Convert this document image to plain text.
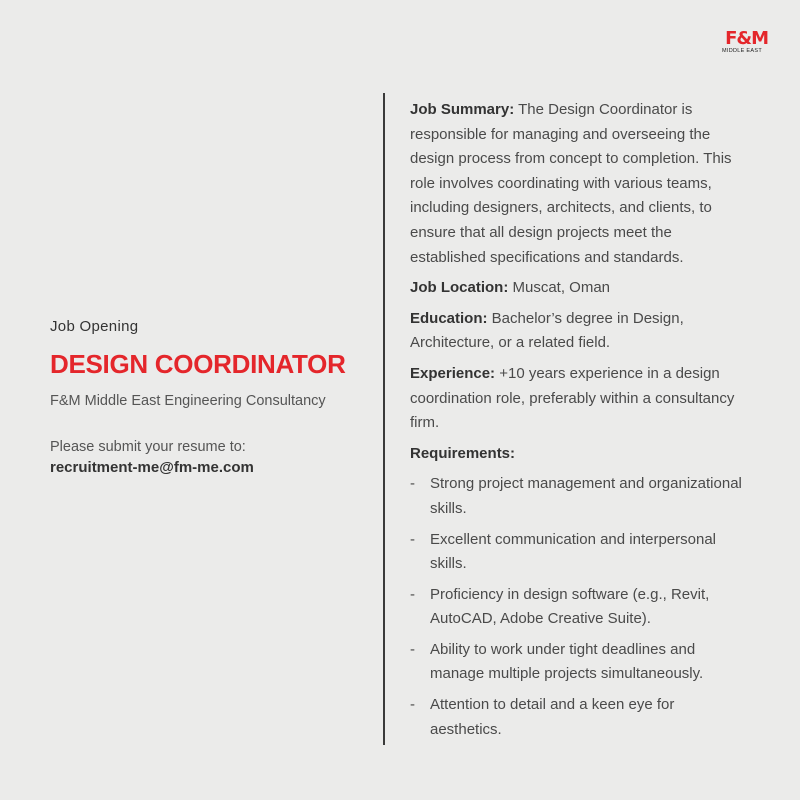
F&M
MIDDLE EAST
Job Opening
DESIGN COORDINATOR
F&M Middle East Engineering Consultancy
Please submit your resume to:
recruitment-me@fm-me.com

Job Summary: The Design Coordinator is responsible for managing and overseeing the design process from concept to completion. This role involves coordinating with various teams, including designers, architects, and clients, to ensure that all design projects meet the established specifications and standards.

Job Location: Muscat, Oman

Education: Bachelor’s degree in Design, Architecture, or a related field.

Experience: +10 years experience in a design coordination role, preferably within a consultancy firm.

Requirements:

- Strong project management and organizational skills.
- Excellent communication and interpersonal skills.
- Proficiency in design software (e.g., Revit, AutoCAD, Adobe Creative Suite).
- Ability to work under tight deadlines and manage multiple projects simultaneously.
- Attention to detail and a keen eye for aesthetics.
